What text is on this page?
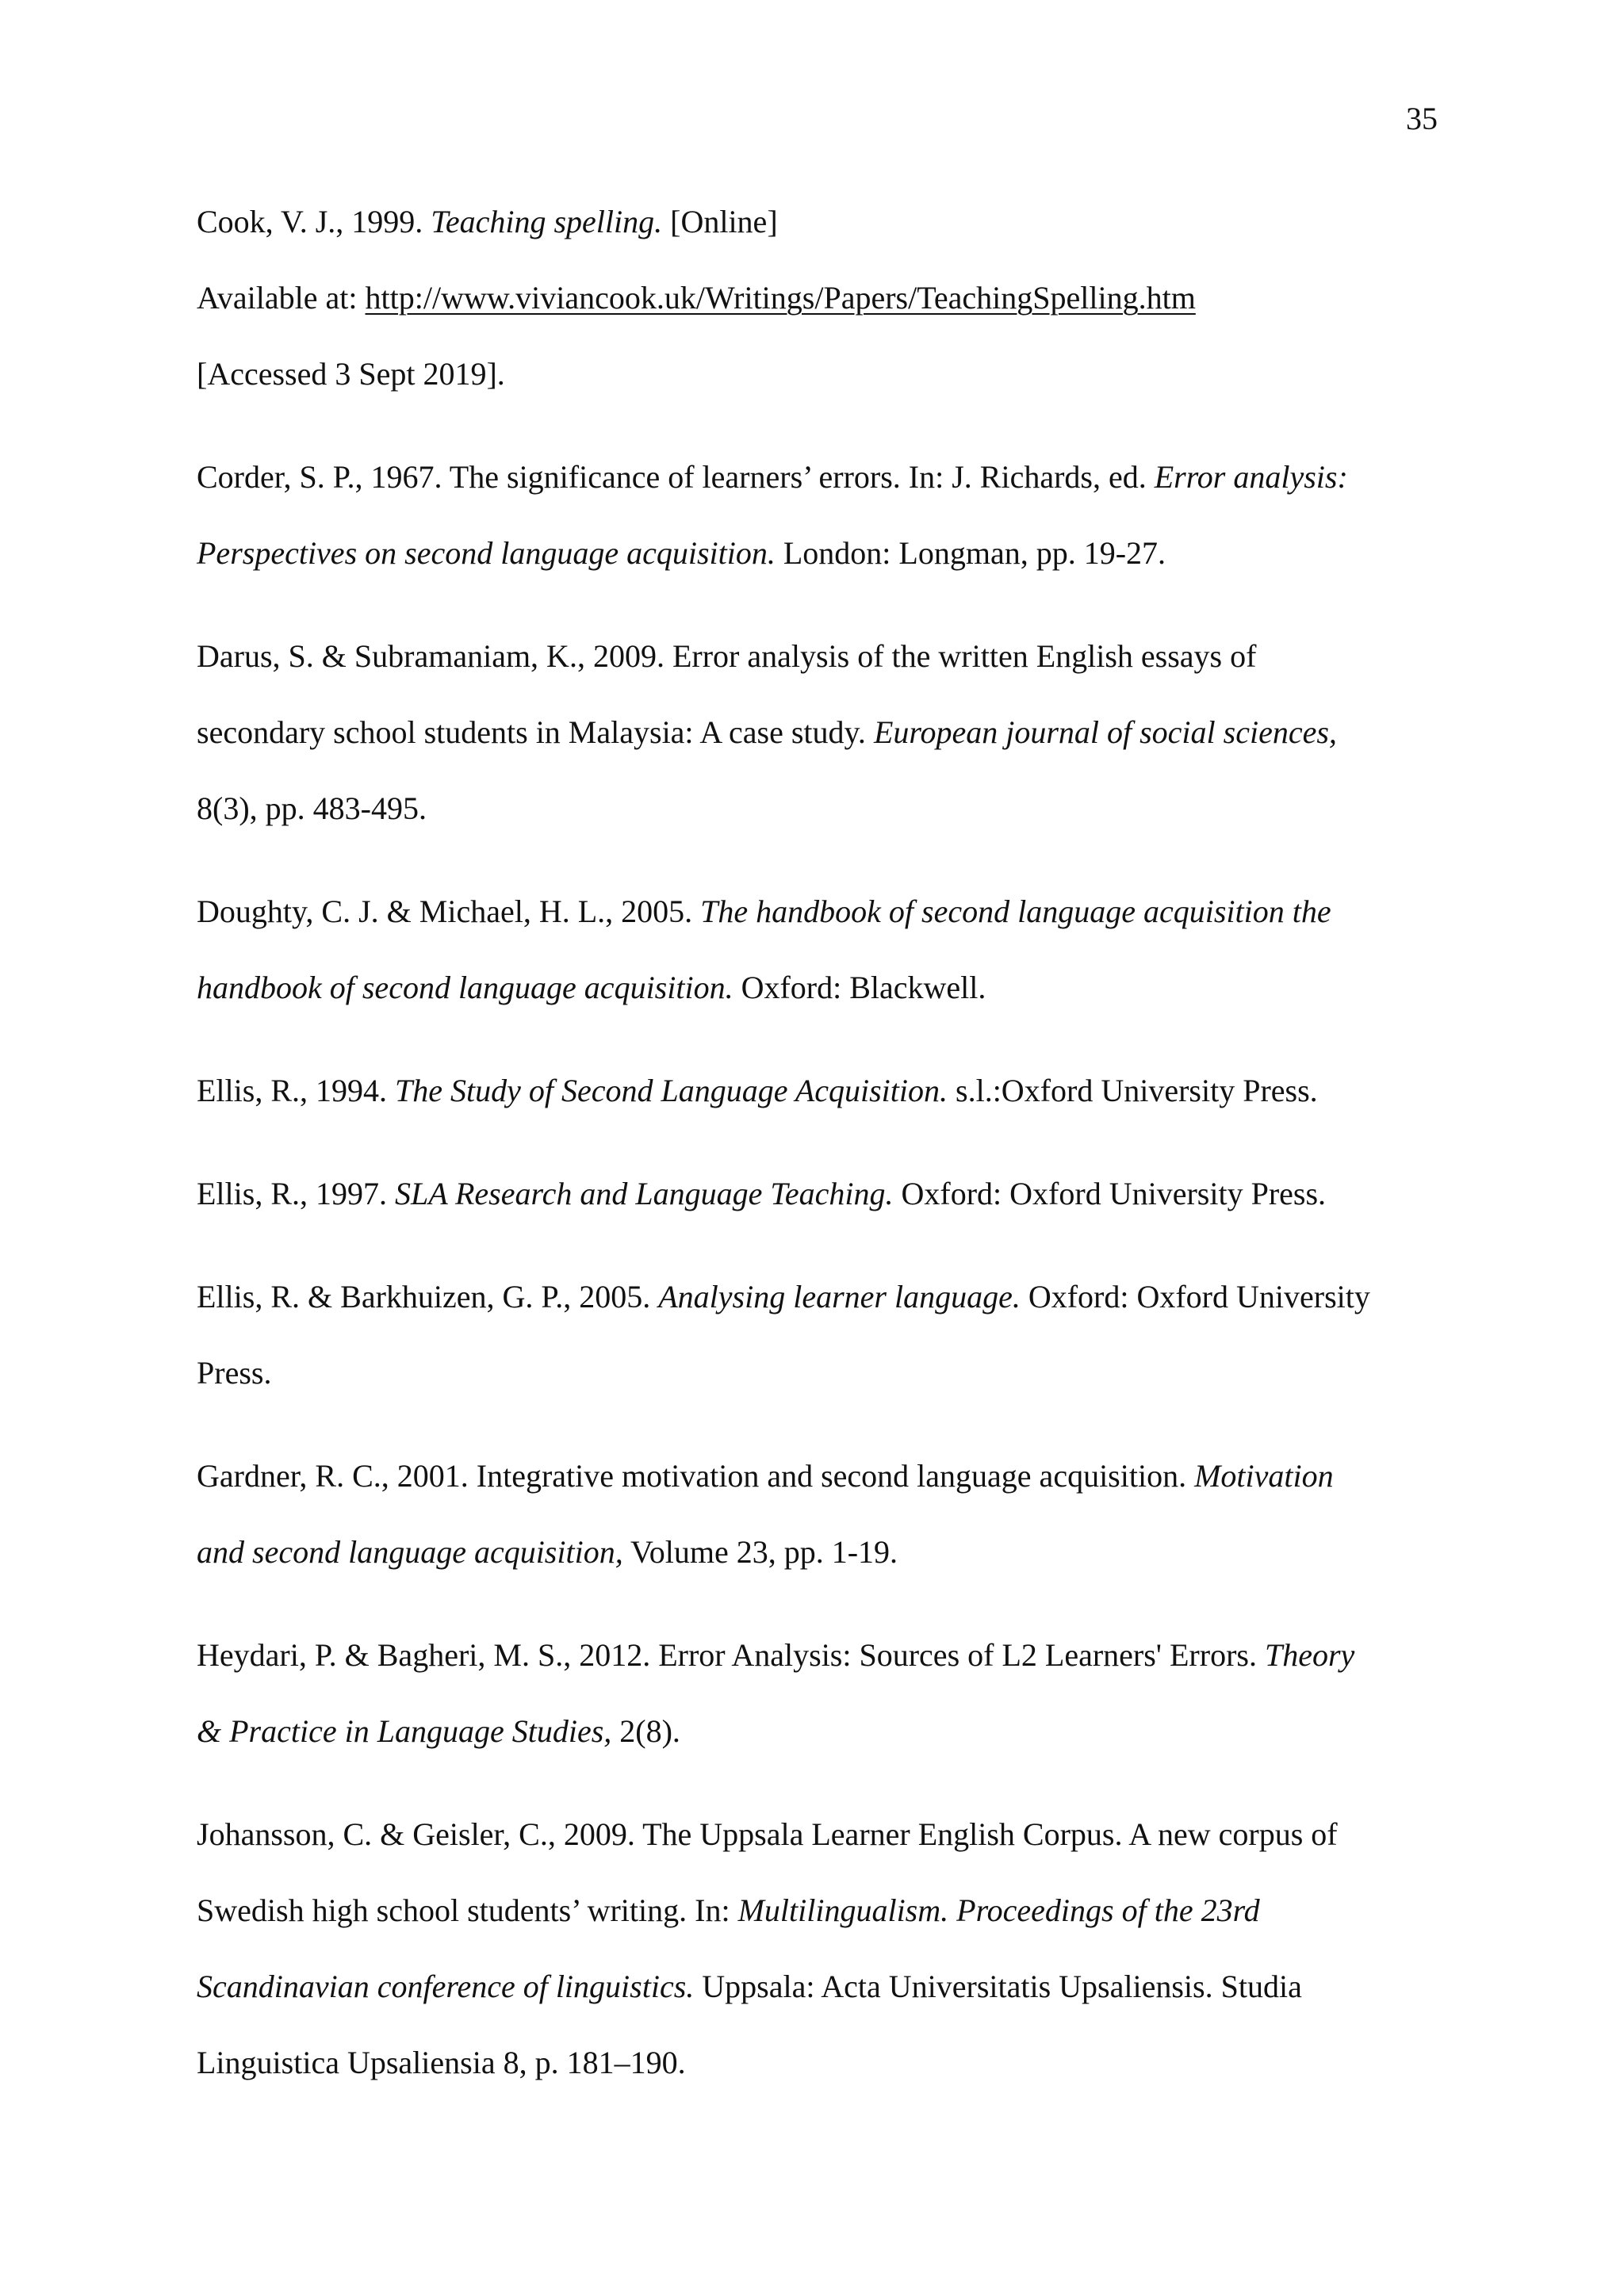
35
Cook, V. J., 1999. Teaching spelling. [Online]
Available at: http://www.viviancook.uk/Writings/Papers/TeachingSpelling.htm
[Accessed 3 Sept 2019].
Corder, S. P., 1967. The significance of learners’ errors. In: J. Richards, ed. Error analysis:
Perspectives on second language acquisition. London: Longman, pp. 19-27.
Darus, S. & Subramaniam, K., 2009. Error analysis of the written English essays of
secondary school students in Malaysia: A case study. European journal of social sciences,
8(3), pp. 483-495.
Doughty, C. J. & Michael, H. L., 2005. The handbook of second language acquisition the
handbook of second language acquisition. Oxford: Blackwell.
Ellis, R., 1994. The Study of Second Language Acquisition. s.l.:Oxford University Press.
Ellis, R., 1997. SLA Research and Language Teaching. Oxford: Oxford University Press.
Ellis, R. & Barkhuizen, G. P., 2005. Analysing learner language. Oxford: Oxford University
Press.
Gardner, R. C., 2001. Integrative motivation and second language acquisition. Motivation
and second language acquisition, Volume 23, pp. 1-19.
Heydari, P. & Bagheri, M. S., 2012. Error Analysis: Sources of L2 Learners' Errors. Theory
& Practice in Language Studies, 2(8).
Johansson, C. & Geisler, C., 2009. The Uppsala Learner English Corpus. A new corpus of
Swedish high school students’ writing. In: Multilingualism. Proceedings of the 23rd
Scandinavian conference of linguistics. Uppsala: Acta Universitatis Upsaliensis. Studia
Linguistica Upsaliensia 8, p. 181–190.
